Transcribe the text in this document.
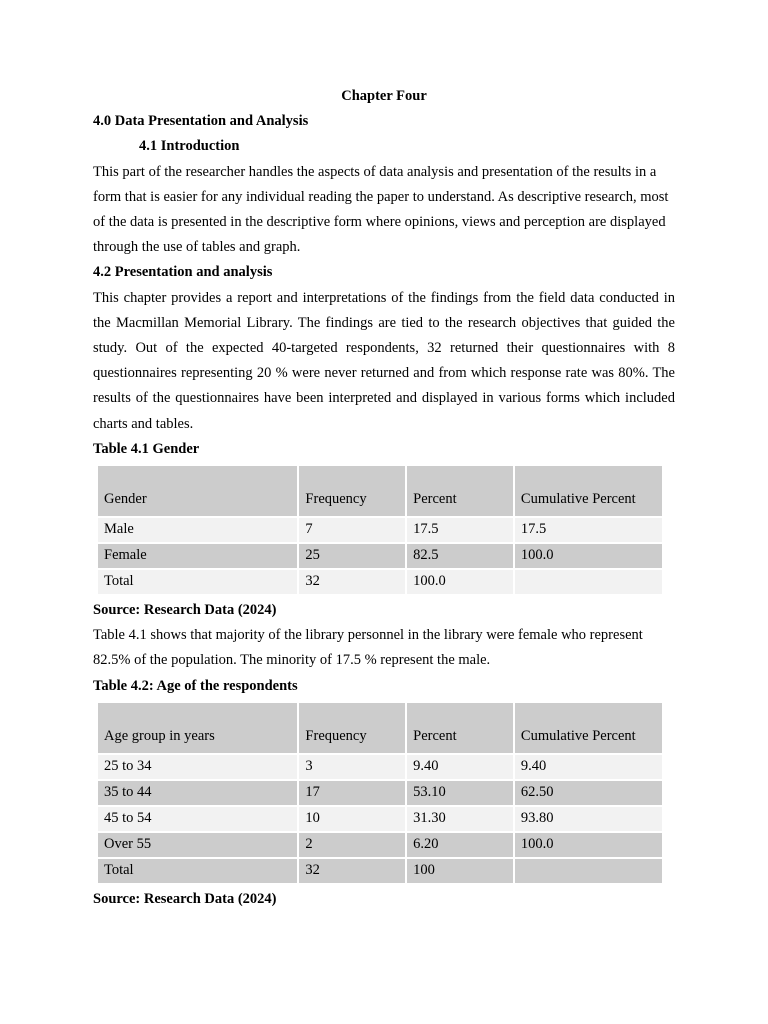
Chapter Four
4.0 Data Presentation and Analysis
4.1 Introduction

This part of the researcher handles the aspects of data analysis and presentation of the results in a form that is easier for any individual reading the paper to understand. As descriptive research, most of the data is presented in the descriptive form where opinions, views and perception are displayed through the use of tables and graph.

4.2 Presentation and analysis

This chapter provides a report and interpretations of the findings from the field data conducted in the Macmillan Memorial Library. The findings are tied to the research objectives that guided the study. Out of the expected 40-targeted respondents, 32 returned their questionnaires with 8 questionnaires representing 20 % were never returned and from which response rate was 80%. The results of the questionnaires have been interpreted and displayed in various forms which included charts and tables.

Table 4.1 Gender
Gender	Frequency	Percent	Cumulative Percent
Male	7	17.5	17.5
Female	25	82.5	100.0
Total	32	100.0	
Source: Research Data (2024)

Table 4.1 shows that majority of the library personnel in the library were female who represent 82.5% of the population. The minority of 17.5 % represent the male.

Table 4.2: Age of the respondents
Age group in years	Frequency	Percent	Cumulative Percent
25 to 34	3	9.40	9.40
35 to 44	17	53.10	62.50
45 to 54	10	31.30	93.80
Over 55	2	6.20	100.0
Total	32	100	
Source: Research Data (2024)
